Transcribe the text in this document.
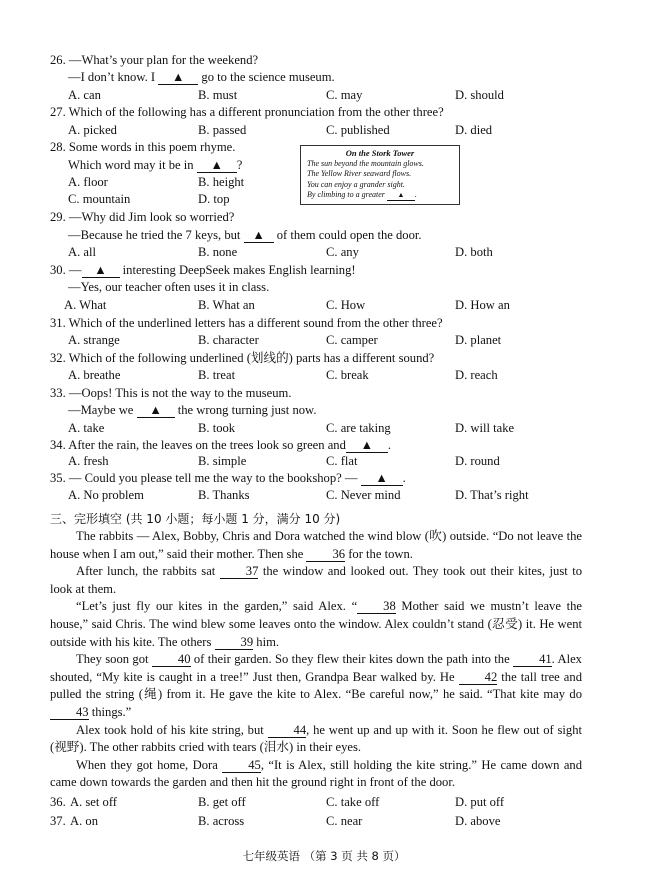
26. —What’s your plan for the weekend?
—I don’t know. I ▲ go to the science museum.
A. can	B. must	C. may	D. should
27. Which of the following has a different pronunciation from the other three?
A. picked	B. passed	C. published	D. died
28. Some words in this poem rhyme.
Which word may it be in ▲ ?
A. floor	B. height
C. mountain	D. top
On the Stork Tower
The sun beyond the mountain glows.
The Yellow River seaward flows.
You can enjoy a grander sight.
By climbing to a greater ▲ .
29. —Why did Jim look so worried?
—Because he tried the 7 keys, but ▲ of them could open the door.
A. all	B. none	C. any	D. both
30. — ▲ interesting DeepSeek makes English learning!
—Yes, our teacher often uses it in class.
A. What	B. What an	C. How	D. How an
31. Which of the underlined letters has a different sound from the other three?
A. strange	B. character	C. camper	D. planet
32. Which of the following underlined (划线的) parts has a different sound?
A. breathe	B. treat	C. break	D. reach
33. —Oops! This is not the way to the museum.
—Maybe we ▲ the wrong turning just now.
A. take	B. took	C. are taking	D. will take
34. After the rain, the leaves on the trees look so green and ▲ .
A. fresh	B. simple	C. flat	D. round
35. — Could you please tell me the way to the bookshop? — ▲ .
A. No problem	B. Thanks	C. Never mind	D. That’s right
三、完形填空 (共 10 小题；每小题 1 分，满分 10 分)
The rabbits — Alex, Bobby, Chris and Dora watched the wind blow (吹) outside. “Do not leave the house when I am out,” said their mother. Then she 36 for the town.
After lunch, the rabbits sat 37 the window and looked out. They took out their kites, just to look at them.
“Let’s just fly our kites in the garden,” said Alex. “ 38 Mother said we mustn’t leave the house,” said Chris. The wind blew some leaves onto the window. Alex couldn’t stand (忍受) it. He went outside with his kite. The others 39 him.
They soon got 40 of their garden. So they flew their kites down the path into the 41. Alex shouted, “My kite is caught in a tree!” Just then, Grandpa Bear walked by. He 42 the tall tree and pulled the string (绳) from it. He gave the kite to Alex. “Be careful now,” he said. “That kite may do 43 things.”
Alex took hold of his kite string, but 44, he went up and up with it. Soon he flew out of sight (视野). The other rabbits cried with tears (泪水) in their eyes.
When they got home, Dora 45, “It is Alex, still holding the kite string.” He came down and came down towards the garden and then hit the ground right in front of the door.
36. A. set off	B. get off	C. take off	D. put off
37. A. on	B. across	C. near	D. above
七年级英语 （第 3 页 共 8 页）
